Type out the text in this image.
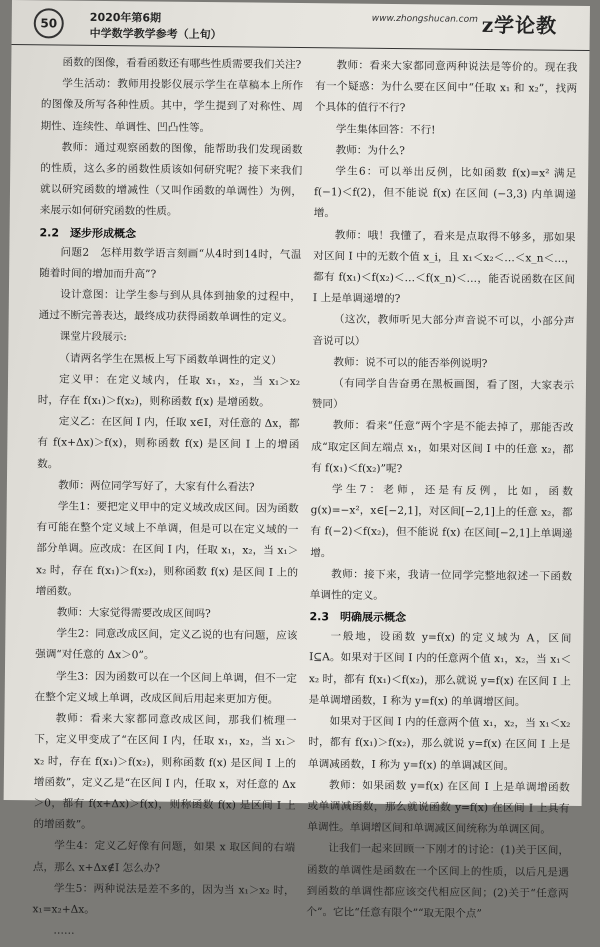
50	2020年第6期
中学数学教学参考（上旬）
www.zhongshucan.com z学论教

函数的图像，看看函数还有哪些性质需要我们关注?

学生活动：教师用投影仪展示学生在草稿本上所作的图像及所写各种性质。其中，学生提到了对称性、周期性、连续性、单调性、凹凸性等。

教师：通过观察函数的图像，能帮助我们发现函数的性质，这么多的函数性质该如何研究呢？接下来我们就以研究函数的增减性（又叫作函数的单调性）为例，来展示如何研究函数的性质。

2.2　逐步形成概念

问题2　怎样用数学语言刻画“从4时到14时，气温随着时间的增加而升高”?

设计意图：让学生参与到从具体到抽象的过程中，通过不断完善表达，最终成功获得函数单调性的定义。

课堂片段展示:

（请两名学生在黑板上写下函数单调性的定义）

定义甲：在定义域内，任取 x₁，x₂，当 x₁＞x₂ 时，存在 f(x₁)＞f(x₂)，则称函数 f(x) 是增函数。

定义乙：在区间 I 内，任取 x∈I，对任意的 Δx，都有 f(x+Δx)＞f(x)，则称函数 f(x) 是区间 I 上的增函数。

教师：两位同学写好了，大家有什么看法?

学生1：要把定义甲中的定义域改成区间。因为函数有可能在整个定义域上不单调，但是可以在定义域的一部分单调。应改成：在区间 I 内，任取 x₁，x₂，当 x₁＞x₂ 时，存在 f(x₁)＞f(x₂)，则称函数 f(x) 是区间 I 上的增函数。

教师：大家觉得需要改成区间吗?

学生2：同意改成区间，定义乙说的也有问题，应该强调“对任意的 Δx＞0”。

学生3：因为函数可以在一个区间上单调，但不一定在整个定义域上单调，改成区间后用起来更加方便。

教师：看来大家都同意改成区间，那我们梳理一下，定义甲变成了“在区间 I 内，任取 x₁，x₂，当 x₁＞x₂ 时，存在 f(x₁)＞f(x₂)，则称函数 f(x) 是区间 I 上的增函数”，定义乙是“在区间 I 内，任取 x，对任意的 Δx＞0，都有 f(x+Δx)＞f(x)，则称函数 f(x) 是区间 I 上的增函数”。

学生4：定义乙好像有问题，如果 x 取区间的右端点，那么 x+Δx∉I 怎么办?

学生5：两种说法是差不多的，因为当 x₁＞x₂ 时，x₁=x₂+Δx。

……

教师：看来大家都同意两种说法是等价的。现在我有一个疑惑：为什么要在区间中“任取 x₁ 和 x₂”，找两个具体的值行不行?

学生集体回答：不行!

教师：为什么?

学生6：可以举出反例，比如函数 f(x)=x² 满足 f(−1)＜f(2)，但不能说 f(x) 在区间 (−3,3) 内单调递增。

教师：哦！我懂了，看来是点取得不够多，那如果对区间 I 中的无数个值 x_i，且 x₁＜x₂＜…＜x_n＜…，都有 f(x₁)＜f(x₂)＜…＜f(x_n)＜…，能否说函数在区间 I 上是单调递增的?

（这次，教师听见大部分声音说不可以，小部分声音说可以）

教师：说不可以的能否举例说明?

（有同学自告奋勇在黑板画图，看了图，大家表示赞同）

教师：看来“任意”两个字是不能去掉了，那能否改成“取定区间左端点 x₁，如果对区间 I 中的任意 x₂，都有 f(x₁)＜f(x₂)”呢?

学生7：老师，还是有反例，比如，函数 g(x)=−x²，x∈[−2,1]，对区间[−2,1]上的任意 x₂，都有 f(−2)＜f(x₂)，但不能说 f(x) 在区间[−2,1]上单调递增。

教师：接下来，我请一位同学完整地叙述一下函数单调性的定义。

2.3　明确展示概念

一般地，设函数 y=f(x) 的定义域为 A，区间 I⊆A。如果对于区间 I 内的任意两个值 x₁，x₂，当 x₁＜x₂ 时，都有 f(x₁)＜f(x₂)，那么就说 y=f(x) 在区间 I 上是单调增函数，I 称为 y=f(x) 的单调增区间。

如果对于区间 I 内的任意两个值 x₁，x₂，当 x₁＜x₂ 时，都有 f(x₁)＞f(x₂)，那么就说 y=f(x) 在区间 I 上是单调减函数，I 称为 y=f(x) 的单调减区间。

教师：如果函数 y=f(x) 在区间 I 上是单调增函数或单调减函数，那么就说函数 y=f(x) 在区间 I 上具有单调性。单调增区间和单调减区间统称为单调区间。

让我们一起来回顾一下刚才的讨论：(1)关于区间，函数的单调性是函数在一个区间上的性质，以后凡是遇到函数的单调性都应该交代相应区间；(2)关于“任意两个”。它比“任意有限个”“取无限个点”
